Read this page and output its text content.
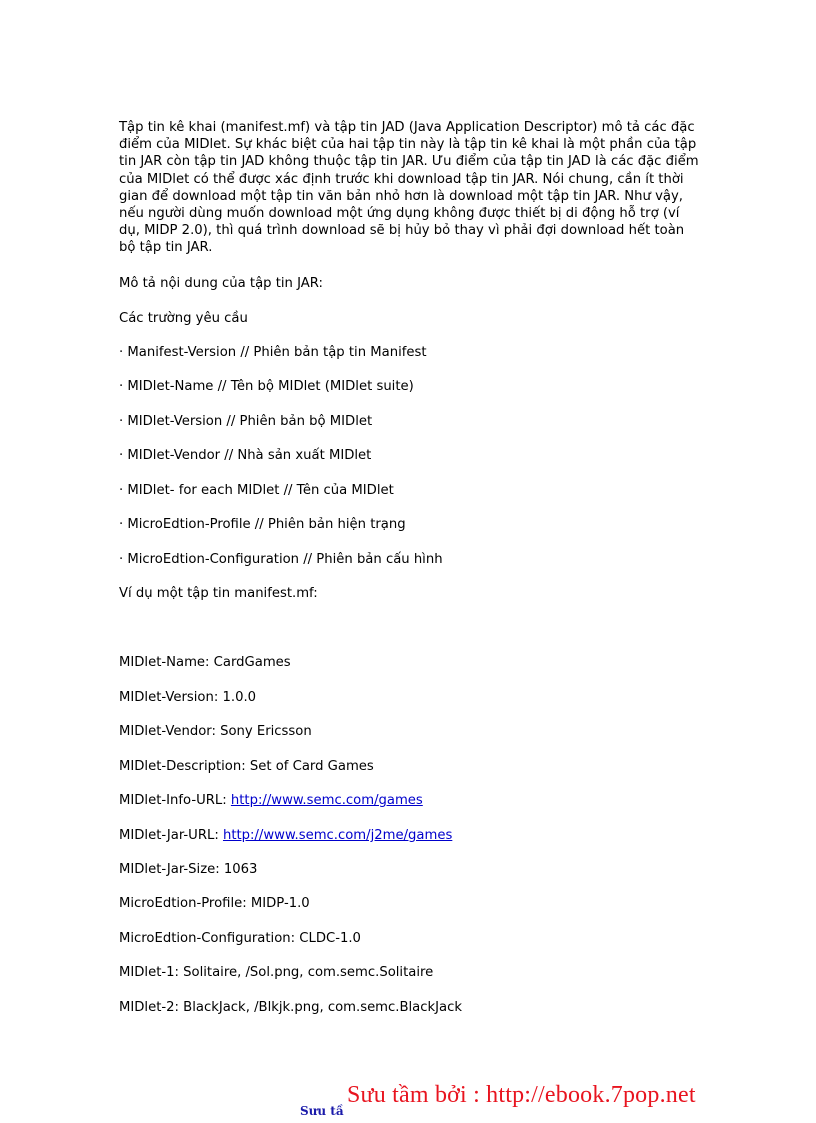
Tập tin kê khai (manifest.mf) và tập tin JAD (Java Application Descriptor) mô tả các đặc điểm của MIDlet. Sự khác biệt của hai tập tin này là tập tin kê khai là một phần của tập tin JAR còn tập tin JAD không thuộc tập tin JAR. Ưu điểm của tập tin JAD là các đặc điểm của MIDlet có thể được xác định trước khi download tập tin JAR. Nói chung, cần ít thời gian để download một tập tin văn bản nhỏ hơn là download một tập tin JAR. Như vậy, nếu người dùng muốn download một ứng dụng không được thiết bị di động hỗ trợ (ví dụ, MIDP 2.0), thì quá trình download sẽ bị hủy bỏ thay vì phải đợi download hết toàn bộ tập tin JAR.

Mô tả nội dung của tập tin JAR:

Các trường yêu cầu

· Manifest-Version // Phiên bản tập tin Manifest

· MIDlet-Name // Tên bộ MIDlet (MIDlet suite)

· MIDlet-Version // Phiên bản bộ MIDlet

· MIDlet-Vendor // Nhà sản xuất MIDlet

· MIDlet- for each MIDlet // Tên của MIDlet

· MicroEdtion-Profile // Phiên bản hiện trạng

· MicroEdtion-Configuration // Phiên bản cấu hình

Ví dụ một tập tin manifest.mf:

MIDlet-Name: CardGames

MIDlet-Version: 1.0.0

MIDlet-Vendor: Sony Ericsson

MIDlet-Description: Set of Card Games

MIDlet-Info-URL: http://www.semc.com/games

MIDlet-Jar-URL: http://www.semc.com/j2me/games

MIDlet-Jar-Size: 1063

MicroEdtion-Profile: MIDP-1.0

MicroEdtion-Configuration: CLDC-1.0

MIDlet-1: Solitaire, /Sol.png, com.semc.Solitaire

MIDlet-2: BlackJack, /Blkjk.png, com.semc.BlackJack

Sưu tầ
Sưu tầm bởi : http://ebook.7pop.net
